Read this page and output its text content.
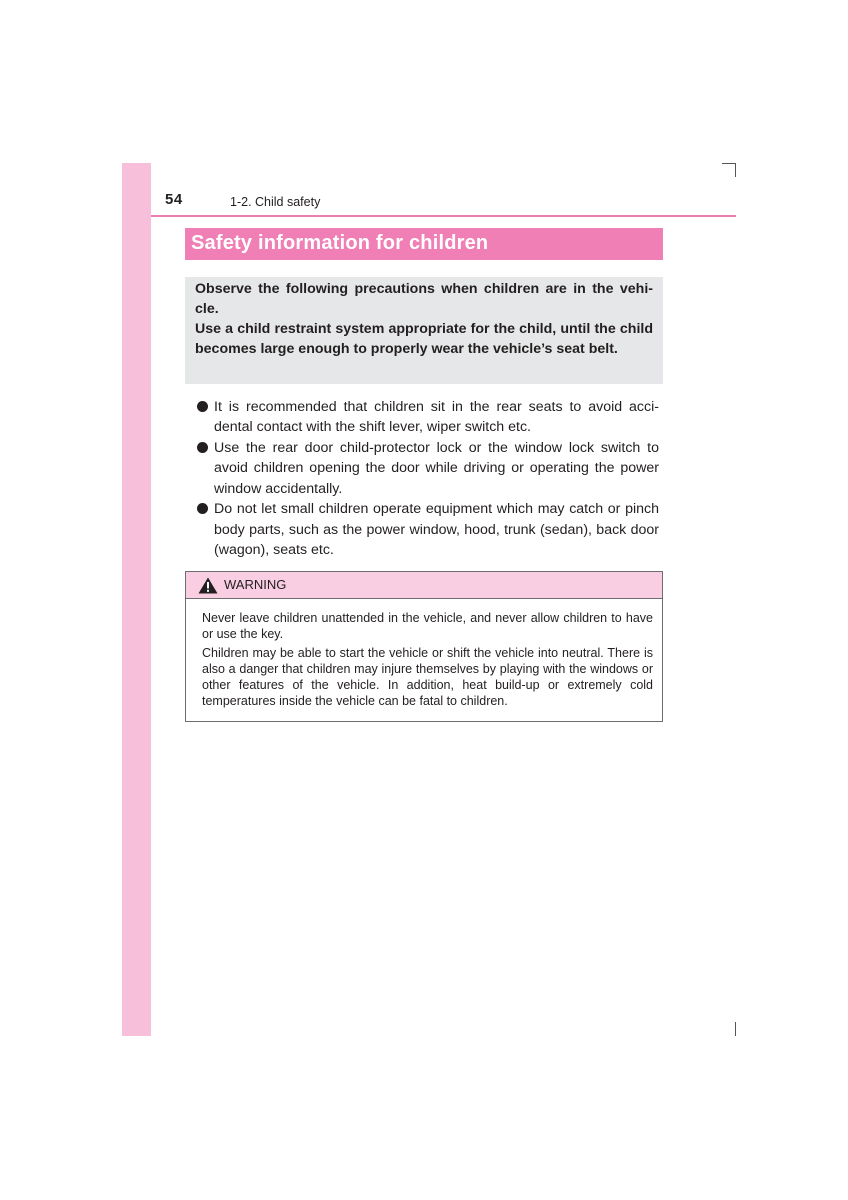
54	1-2. Child safety
Safety information for children

Observe the following precautions when children are in the vehi-cle.

Use a child restraint system appropriate for the child, until the child becomes large enough to properly wear the vehicle’s seat belt.

It is recommended that children sit in the rear seats to avoid acci-dental contact with the shift lever, wiper switch etc.
Use the rear door child-protector lock or the window lock switch to avoid children opening the door while driving or operating the power window accidentally.
Do not let small children operate equipment which may catch or pinch body parts, such as the power window, hood, trunk (sedan), back door (wagon), seats etc.
WARNING

Never leave children unattended in the vehicle, and never allow children to have or use the key.

Children may be able to start the vehicle or shift the vehicle into neutral. There is also a danger that children may injure themselves by playing with the windows or other features of the vehicle. In addition, heat build-up or extremely cold temperatures inside the vehicle can be fatal to children.
